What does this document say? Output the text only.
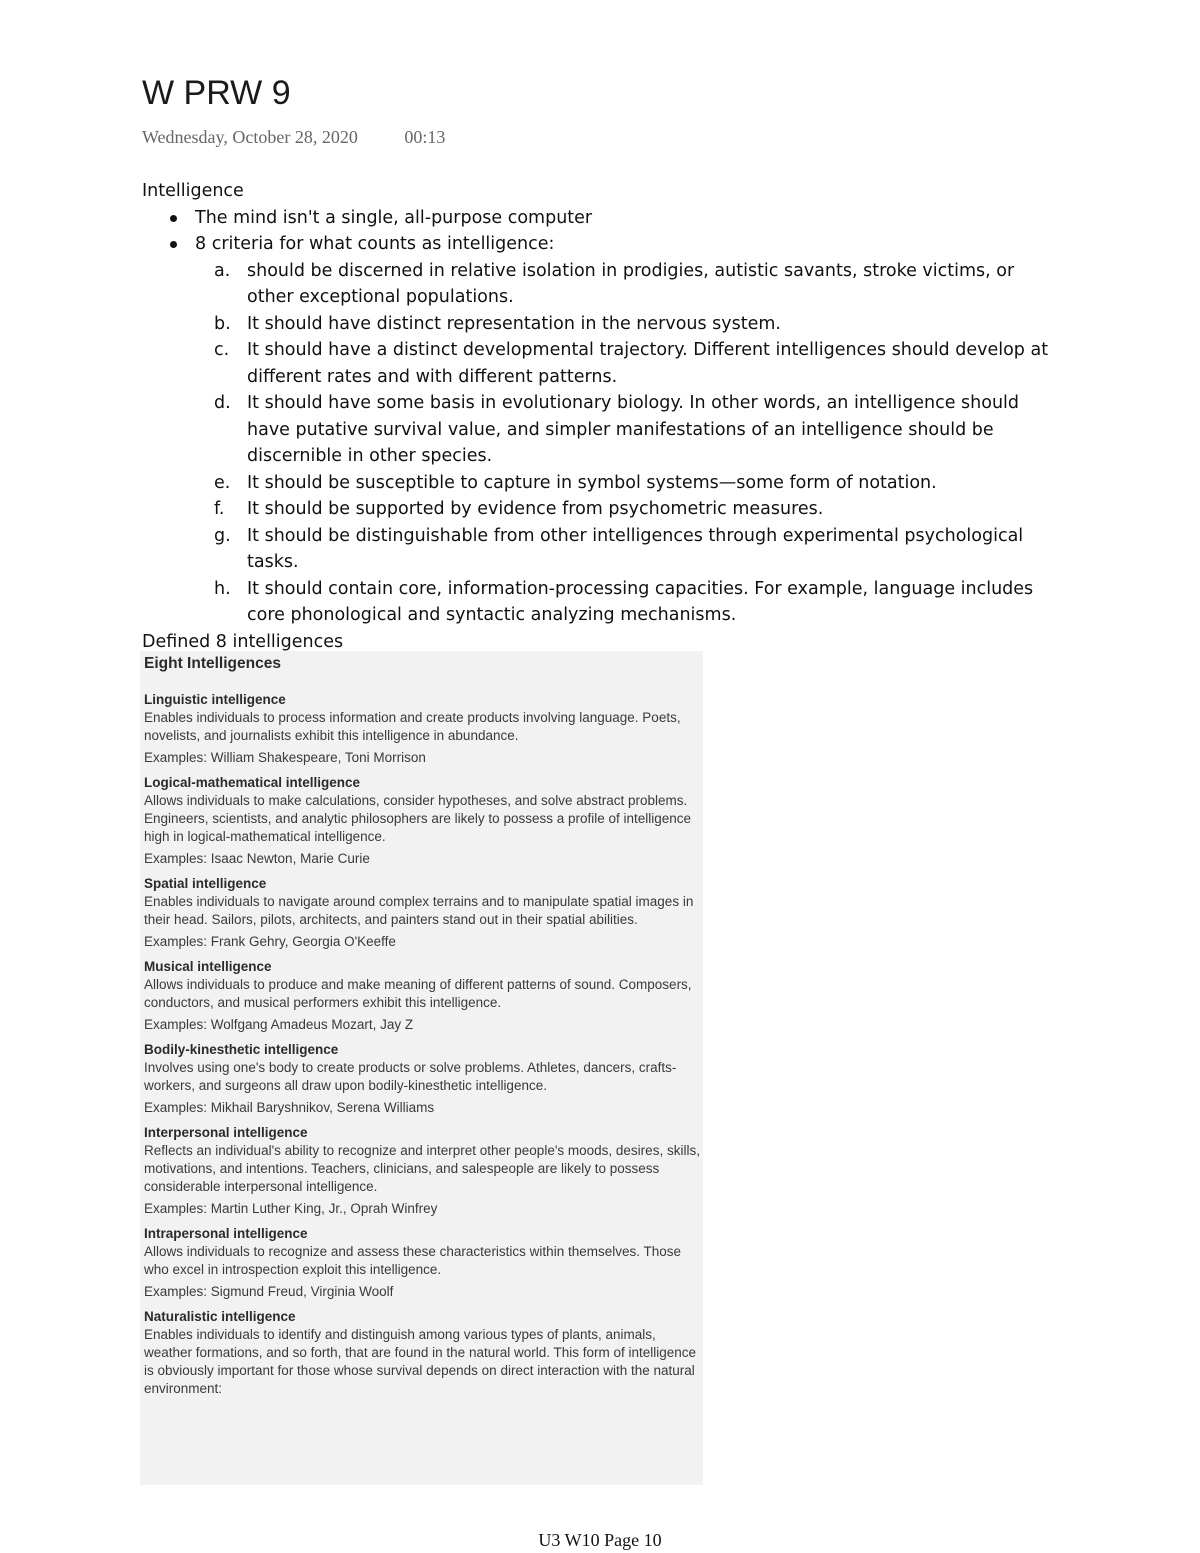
W PRW 9
Wednesday, October 28, 2020	00:13

Intelligence

The mind isn't a single, all-purpose computer
8 criteria for what counts as intelligence:
a. should be discerned in relative isolation in prodigies, autistic savants, stroke victims, or other exceptional populations.
b. It should have distinct representation in the nervous system.
c.	It should have a distinct developmental trajectory. Different intelligences should develop at different rates and with different patterns.
d. It should have some basis in evolutionary biology. In other words, an intelligence should have putative survival value, and simpler manifestations of an intelligence should be discernible in other species.
e. It should be susceptible to capture in symbol systems—some form of notation.
f.	It should be supported by evidence from psychometric measures.
g. It should be distinguishable from other intelligences through experimental psychological tasks.
h. It should contain core, information-processing capacities. For example, language includes core phonological and syntactic analyzing mechanisms.

Defined 8 intelligences

Eight Intelligences
Linguistic intelligence
Enables individuals to process information and create products involving language. Poets, novelists, and journalists exhibit this intelligence in abundance.
Examples: William Shakespeare, Toni Morrison
Logical-mathematical intelligence
Allows individuals to make calculations, consider hypotheses, and solve abstract problems. Engineers, scientists, and analytic philosophers are likely to possess a profile of intelligence high in logical-mathematical intelligence.
Examples: Isaac Newton, Marie Curie
Spatial intelligence
Enables individuals to navigate around complex terrains and to manipulate spatial images in their head. Sailors, pilots, architects, and painters stand out in their spatial abilities.
Examples: Frank Gehry, Georgia O'Keeffe
Musical intelligence
Allows individuals to produce and make meaning of different patterns of sound. Composers, conductors, and musical performers exhibit this intelligence.
Examples: Wolfgang Amadeus Mozart, Jay Z
Bodily-kinesthetic intelligence
Involves using one's body to create products or solve problems. Athletes, dancers, crafts-workers, and surgeons all draw upon bodily-kinesthetic intelligence.
Examples: Mikhail Baryshnikov, Serena Williams
Interpersonal intelligence
Reflects an individual's ability to recognize and interpret other people's moods, desires, skills, motivations, and intentions. Teachers, clinicians, and salespeople are likely to possess considerable interpersonal intelligence.
Examples: Martin Luther King, Jr., Oprah Winfrey
Intrapersonal intelligence
Allows individuals to recognize and assess these characteristics within themselves. Those who excel in introspection exploit this intelligence.
Examples: Sigmund Freud, Virginia Woolf
Naturalistic intelligence
Enables individuals to identify and distinguish among various types of plants, animals, weather formations, and so forth, that are found in the natural world. This form of intelligence is obviously important for those whose survival depends on direct interaction with the natural environment:
U3 W10 Page 10
